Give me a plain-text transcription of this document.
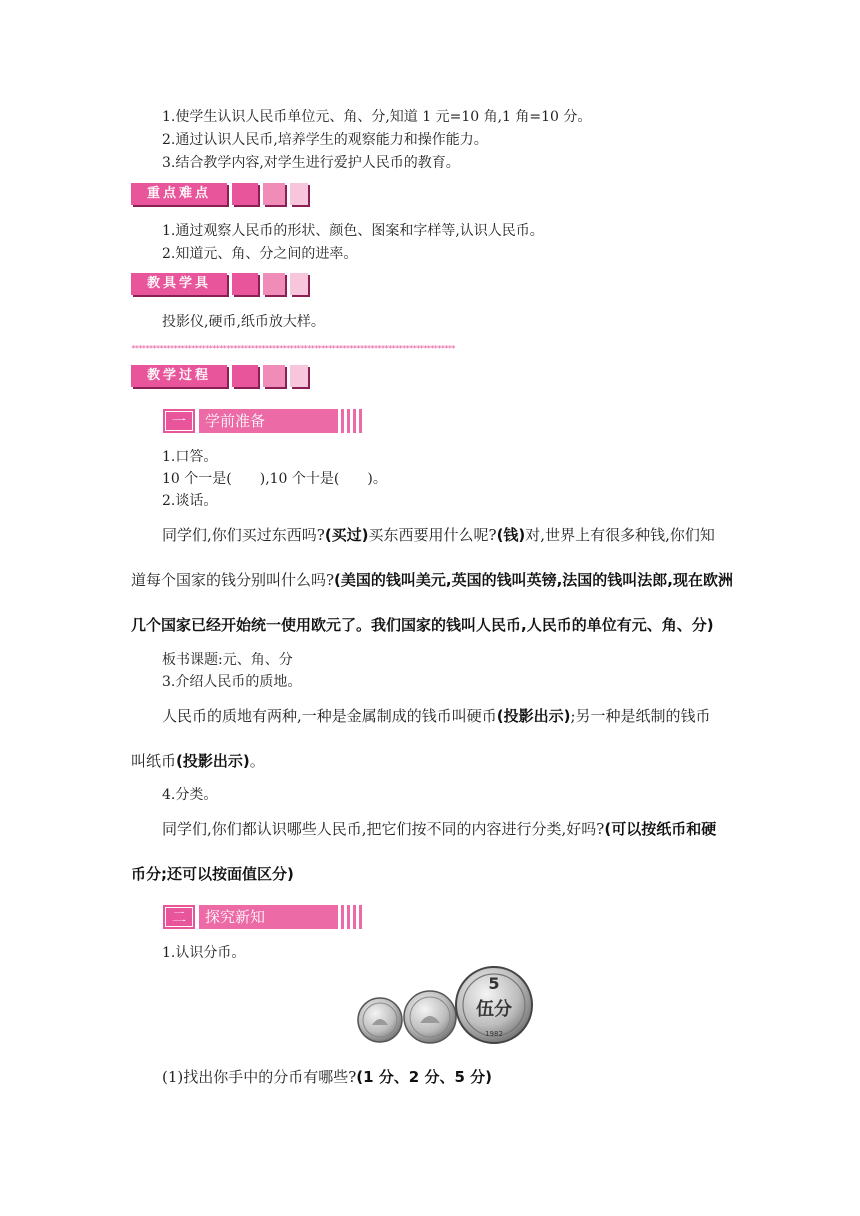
1.使学生认识人民币单位元、角、分,知道 1 元=10 角,1 角=10 分。
2.通过认识人民币,培养学生的观察能力和操作能力。
3.结合教学内容,对学生进行爱护人民币的教育。
重点难点
1.通过观察人民币的形状、颜色、图案和字样等,认识人民币。
2.知道元、角、分之间的进率。
教具学具
投影仪,硬币,纸币放大样。
********************************************************************************************
教学过程
一	学前准备
1.口答。
10 个一是(　　),10 个十是(　　)。
2.谈话。
同学们,你们买过东西吗?(买过)买东西要用什么呢?(钱)对,世界上有很多种钱,你们知
道每个国家的钱分别叫什么吗?(美国的钱叫美元,英国的钱叫英镑,法国的钱叫法郎,现在欧洲
几个国家已经开始统一使用欧元了。我们国家的钱叫人民币,人民币的单位有元、角、分)
板书课题:元、角、分
3.介绍人民币的质地。
人民币的质地有两种,一种是金属制成的钱币叫硬币(投影出示);另一种是纸制的钱币
叫纸币(投影出示)。
4.分类。
同学们,你们都认识哪些人民币,把它们按不同的内容进行分类,好吗?(可以按纸币和硬
币分;还可以按面值区分)
二	探究新知
1.认识分币。
5
伍分
1982
(1)找出你手中的分币有哪些?(1 分、2 分、5 分)
